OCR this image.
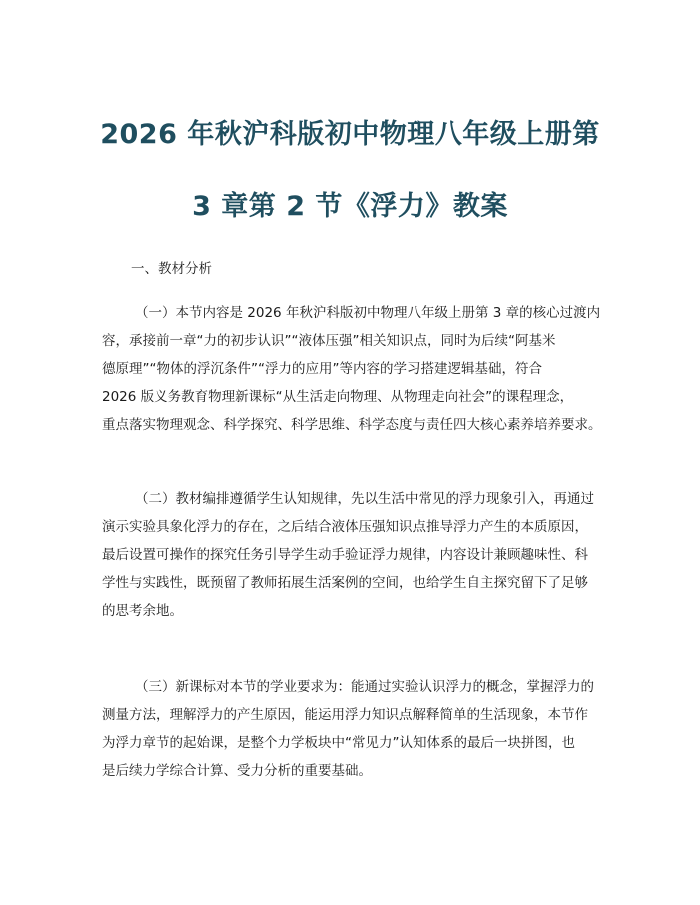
2026 年秋沪科版初中物理八年级上册第
3 章第 2 节《浮力》教案
一、教材分析
（一）本节内容是 2026 年秋沪科版初中物理八年级上册第 3 章的核心过渡内
容，承接前一章“力的初步认识”“液体压强”相关知识点，同时为后续“阿基米
德原理”“物体的浮沉条件”“浮力的应用”等内容的学习搭建逻辑基础，符合
2026 版义务教育物理新课标“从生活走向物理、从物理走向社会”的课程理念，
重点落实物理观念、科学探究、科学思维、科学态度与责任四大核心素养培养要求。
（二）教材编排遵循学生认知规律，先以生活中常见的浮力现象引入，再通过
演示实验具象化浮力的存在，之后结合液体压强知识点推导浮力产生的本质原因，
最后设置可操作的探究任务引导学生动手验证浮力规律，内容设计兼顾趣味性、科
学性与实践性，既预留了教师拓展生活案例的空间，也给学生自主探究留下了足够
的思考余地。
（三）新课标对本节的学业要求为：能通过实验认识浮力的概念，掌握浮力的
测量方法，理解浮力的产生原因，能运用浮力知识点解释简单的生活现象，本节作
为浮力章节的起始课，是整个力学板块中“常见力”认知体系的最后一块拼图，也
是后续力学综合计算、受力分析的重要基础。
